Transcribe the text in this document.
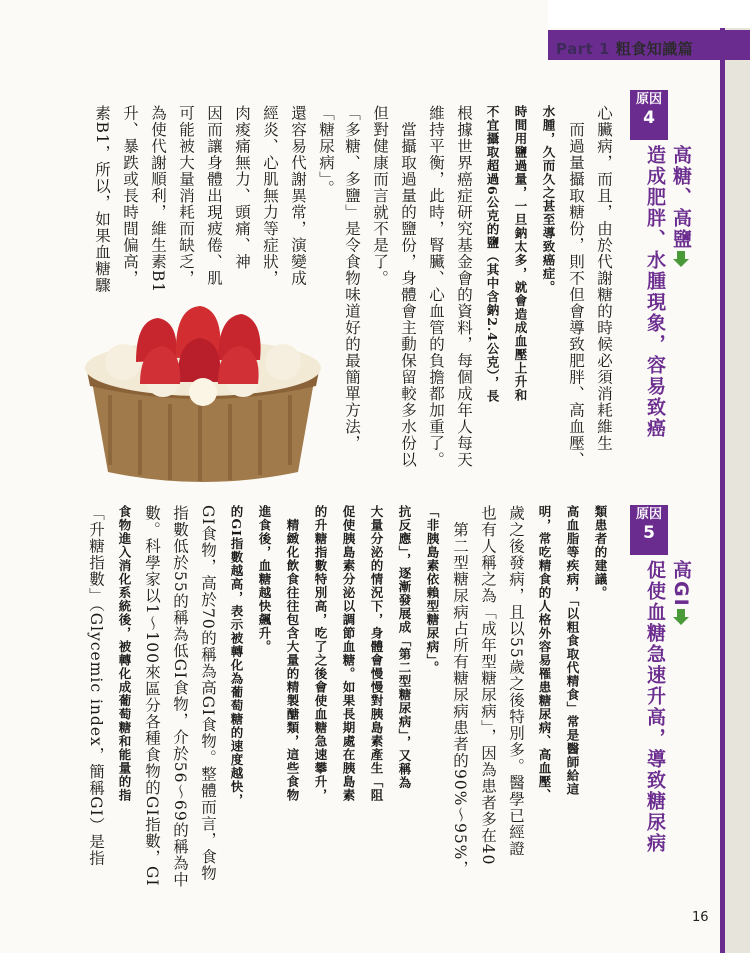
Part 1 粗食知識篇
原因
4
高糖、高鹽
造成肥胖、水腫現象，容易致癌
「糖尿病」。
還容易代謝異常，演變成
經炎、心肌無力等症狀，
肉痠痛無力、頭痛、神
因而讓身體出現疲倦、肌
可能被大量消耗而缺乏，
為使代謝順利，維生素B1
升、暴跌或長時間偏高，
素B1，所以，如果血糖驟	心臟病，而且，由於代謝糖的時候必須消耗維生
　而過量攝取糖份，則不但會導致肥胖、高血壓、
水腫，久而久之甚至導致癌症。
時間用鹽過量，一旦鈉太多，就會造成血壓上升和
不宜攝取超過6公克的鹽（其中含鈉2.4公克），長
根據世界癌症研究基金會的資料，每個成年人每天
維持平衡，此時，腎臟、心血管的負擔都加重了。
　當攝取過量的鹽份，身體會主動保留較多水份以
但對健康而言就不是了。
「多糖、多鹽」是令食物味道好的最簡單方法，
原因
5
高GI
促使血糖急速升高，導致糖尿病
類患者的建議。
高血脂等疾病，「以粗食取代精食」常是醫師給這
明，常吃精食的人格外容易罹患糖尿病、高血壓、
歲之後發病，且以55歲之後特別多。醫學已經證
也有人稱之為「成年型糖尿病」，因為患者多在40
　第二型糖尿病占所有糖尿病患者的90%～95%，
「非胰島素依賴型糖尿病」。
抗反應」，逐漸發展成「第二型糖尿病」，又稱為
大量分泌的情況下，身體會慢慢對胰島素產生「阻
促使胰島素分泌以調節血糖。如果長期處在胰島素
的升糖指數特別高，吃了之後會使血糖急速攀升，
　精緻化飲食往往包含大量的精製醣類，這些食物
進食後，血糖越快飆升。
的GI指數越高，表示被轉化為葡萄糖的速度越快，
GI食物，高於70的稱為高GI食物。整體而言，食物
指數低於55的稱為低GI食物，介於56～69的稱為中
數。科學家以1～100來區分各種食物的GI指數，GI
食物進入消化系統後，被轉化成葡萄糖和能量的指
「升糖指數」（Glycemic index，簡稱GI）是指
16
